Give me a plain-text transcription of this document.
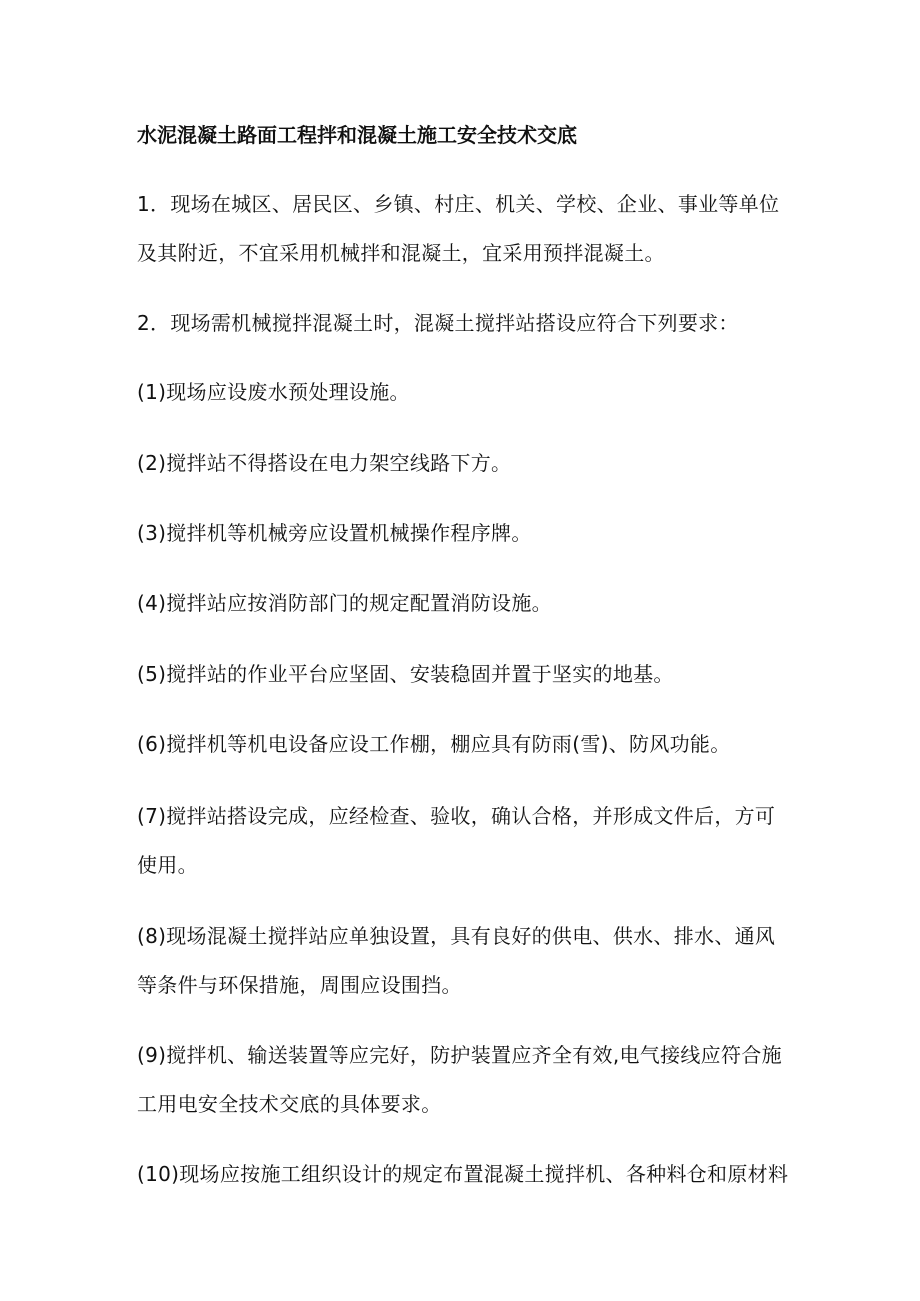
水泥混凝土路面工程拌和混凝土施工安全技术交底

1．现场在城区、居民区、乡镇、村庄、机关、学校、企业、事业等单位
及其附近，不宜采用机械拌和混凝土，宜采用预拌混凝土。

2．现场需机械搅拌混凝土时，混凝土搅拌站搭设应符合下列要求：

(1)现场应设废水预处理设施。

(2)搅拌站不得搭设在电力架空线路下方。

(3)搅拌机等机械旁应设置机械操作程序牌。

(4)搅拌站应按消防部门的规定配置消防设施。

(5)搅拌站的作业平台应坚固、安装稳固并置于坚实的地基。

(6)搅拌机等机电设备应设工作棚，棚应具有防雨(雪)、防风功能。

(7)搅拌站搭设完成，应经检查、验收，确认合格，并形成文件后，方可
使用。

(8)现场混凝土搅拌站应单独设置，具有良好的供电、供水、排水、通风
等条件与环保措施，周围应设围挡。

(9)搅拌机、输送装置等应完好，防护装置应齐全有效,电气接线应符合施
工用电安全技术交底的具体要求。

(10)现场应按施工组织设计的规定布置混凝土搅拌机、各种料仓和原材料
